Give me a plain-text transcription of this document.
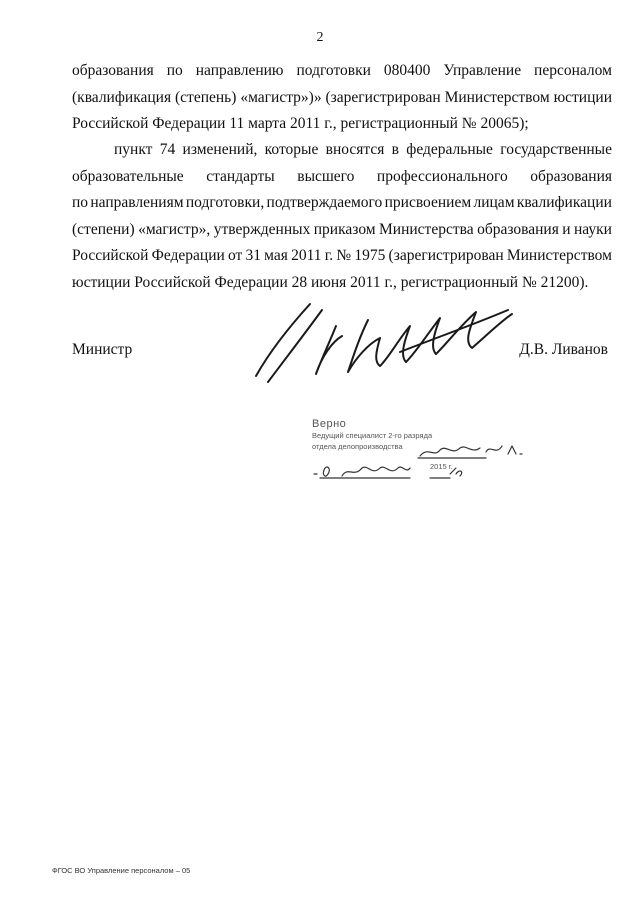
2
образования по направлению подготовки 080400 Управление персоналом
(квалификация (степень) «магистр»)» (зарегистрирован Министерством юстиции
Российской Федерации 11 марта 2011 г., регистрационный № 20065);
пункт 74 изменений, которые вносятся в федеральные государственные
образовательные стандарты высшего профессионального образования
по направлениям подготовки, подтверждаемого присвоением лицам квалификации
(степени) «магистр», утвержденных приказом Министерства образования и науки
Российской Федерации от 31 мая 2011 г. № 1975 (зарегистрирован Министерством
юстиции Российской Федерации 28 июня 2011 г., регистрационный № 21200).
Министр	Д.В. Ливанов
Верно
Ведущий специалист 2-го разряда
отдела делопроизводства
2015 г.
ФГОС ВО Управление персоналом – 05
